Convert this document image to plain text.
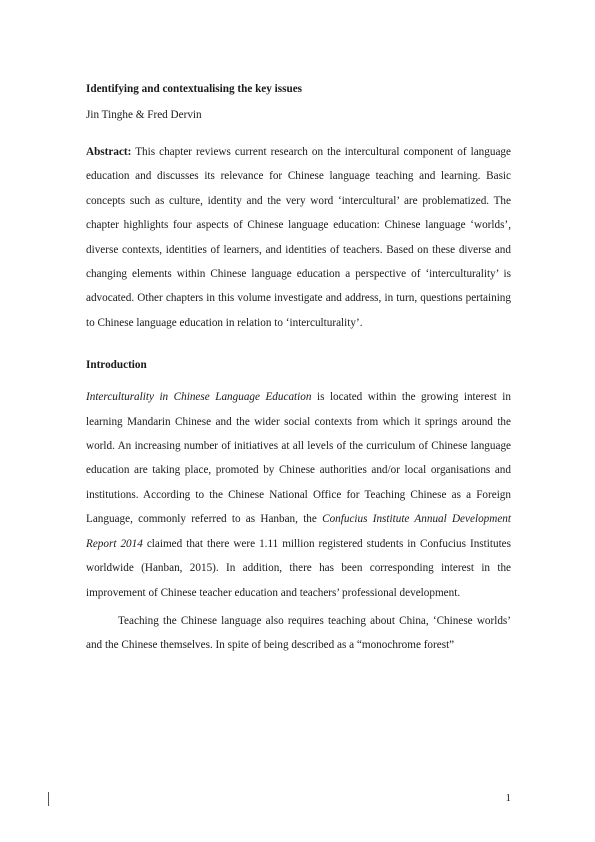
Identifying and contextualising the key issues

Jin Tinghe & Fred Dervin

Abstract: This chapter reviews current research on the intercultural component of language education and discusses its relevance for Chinese language teaching and learning. Basic concepts such as culture, identity and the very word ‘intercultural’ are problematized. The chapter highlights four aspects of Chinese language education: Chinese language ‘worlds’, diverse contexts, identities of learners, and identities of teachers. Based on these diverse and changing elements within Chinese language education a perspective of ‘interculturality’ is advocated. Other chapters in this volume investigate and address, in turn, questions pertaining to Chinese language education in relation to ‘interculturality’.

Introduction

Interculturality in Chinese Language Education is located within the growing interest in learning Mandarin Chinese and the wider social contexts from which it springs around the world. An increasing number of initiatives at all levels of the curriculum of Chinese language education are taking place, promoted by Chinese authorities and/or local organisations and institutions. According to the Chinese National Office for Teaching Chinese as a Foreign Language, commonly referred to as Hanban, the Confucius Institute Annual Development Report 2014 claimed that there were 1.11 million registered students in Confucius Institutes worldwide (Hanban, 2015). In addition, there has been corresponding interest in the improvement of Chinese teacher education and teachers’ professional development.

Teaching the Chinese language also requires teaching about China, ‘Chinese worlds’ and the Chinese themselves. In spite of being described as a “monochrome forest”

1
